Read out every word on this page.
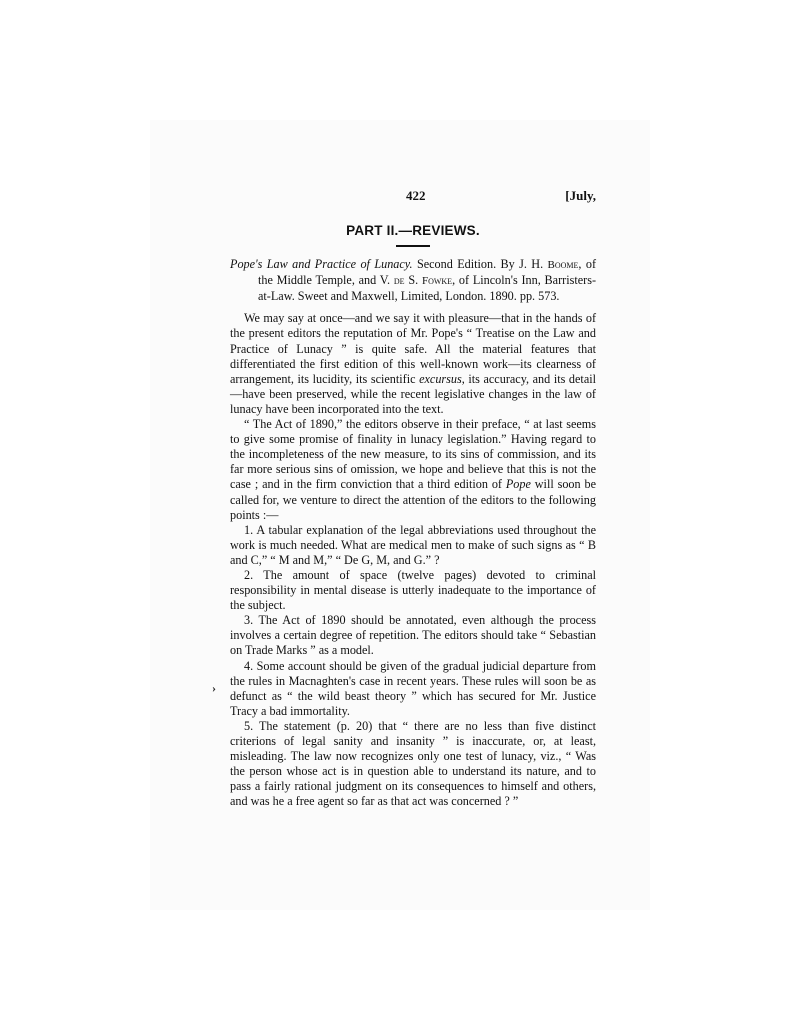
422	[July,
PART II.—REVIEWS.
Pope's Law and Practice of Lunacy. Second Edition. By J. H. Boome, of the Middle Temple, and V. de S. Fowke, of Lincoln's Inn, Barristers-at-Law. Sweet and Maxwell, Limited, London. 1890. pp. 573.

We may say at once—and we say it with pleasure—that in the hands of the present editors the reputation of Mr. Pope's “ Treatise on the Law and Practice of Lunacy ” is quite safe. All the material features that differentiated the first edition of this well-known work—its clearness of arrangement, its lucidity, its scientific excursus, its accuracy, and its detail—have been preserved, while the recent legislative changes in the law of lunacy have been incorporated into the text.

“ The Act of 1890,” the editors observe in their preface, “ at last seems to give some promise of finality in lunacy legislation.” Having regard to the incompleteness of the new measure, to its sins of commission, and its far more serious sins of omission, we hope and believe that this is not the case ; and in the firm conviction that a third edition of Pope will soon be called for, we venture to direct the attention of the editors to the following points :—

1. A tabular explanation of the legal abbreviations used throughout the work is much needed. What are medical men to make of such signs as “ B and C,” “ M and M,” “ De G, M, and G.” ?

2. The amount of space (twelve pages) devoted to criminal responsibility in mental disease is utterly inadequate to the importance of the subject.

3. The Act of 1890 should be annotated, even although the process involves a certain degree of repetition. The editors should take “ Sebastian on Trade Marks ” as a model.

4. Some account should be given of the gradual judicial departure from the rules in Macnaghten's case in recent years. These rules will soon be as defunct as “ the wild beast theory ” which has secured for Mr. Justice Tracy a bad immortality.

5. The statement (p. 20) that “ there are no less than five distinct criterions of legal sanity and insanity ” is inaccurate, or, at least, misleading. The law now recognizes only one test of lunacy, viz., “ Was the person whose act is in question able to understand its nature, and to pass a fairly rational judgment on its consequences to himself and others, and was he a free agent so far as that act was concerned ? ”

›
